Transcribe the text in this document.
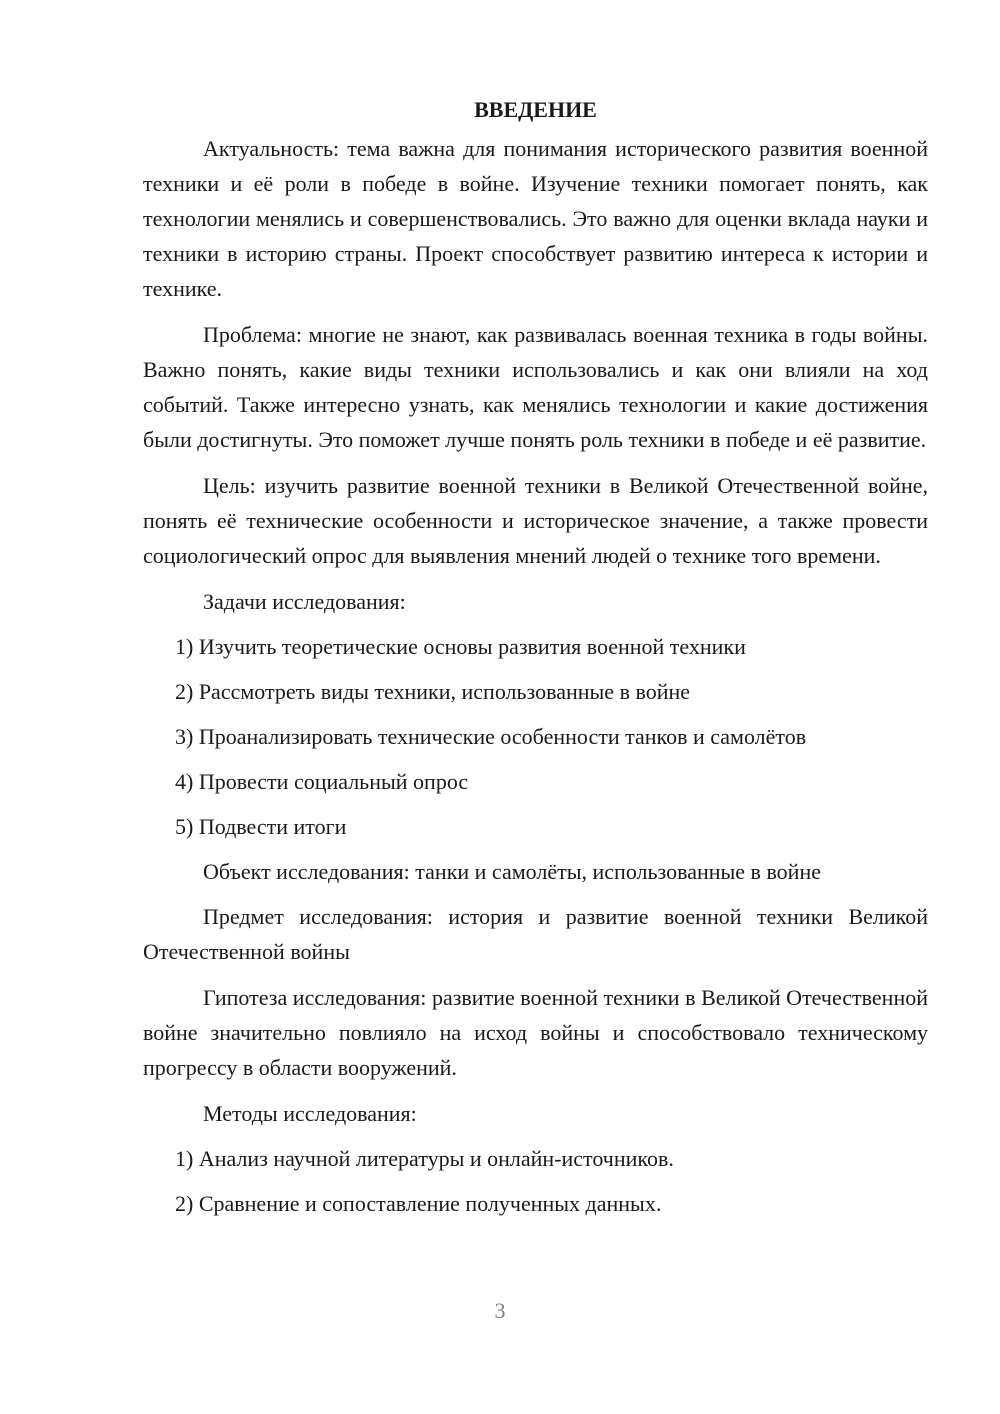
ВВЕДЕНИЕ

Актуальность: тема важна для понимания исторического развития военной техники и её роли в победе в войне. Изучение техники помогает понять, как технологии менялись и совершенствовались. Это важно для оценки вклада науки и техники в историю страны. Проект способствует развитию интереса к истории и технике.

Проблема: многие не знают, как развивалась военная техника в годы войны. Важно понять, какие виды техники использовались и как они влияли на ход событий. Также интересно узнать, как менялись технологии и какие достижения были достигнуты. Это поможет лучше понять роль техники в победе и её развитие.

Цель: изучить развитие военной техники в Великой Отечественной войне, понять её технические особенности и историческое значение, а также провести социологический опрос для выявления мнений людей о технике того времени.

Задачи исследования:

1) Изучить теоретические основы развития военной техники
2) Рассмотреть виды техники, использованные в войне
3) Проанализировать технические особенности танков и самолётов
4) Провести социальный опрос
5) Подвести итоги

Объект исследования: танки и самолёты, использованные в войне

Предмет исследования: история и развитие военной техники Великой Отечественной войны

Гипотеза исследования: развитие военной техники в Великой Отечественной войне значительно повлияло на исход войны и способствовало техническому прогрессу в области вооружений.

Методы исследования:

1) Анализ научной литературы и онлайн-источников.
2) Сравнение и сопоставление полученных данных.
3
